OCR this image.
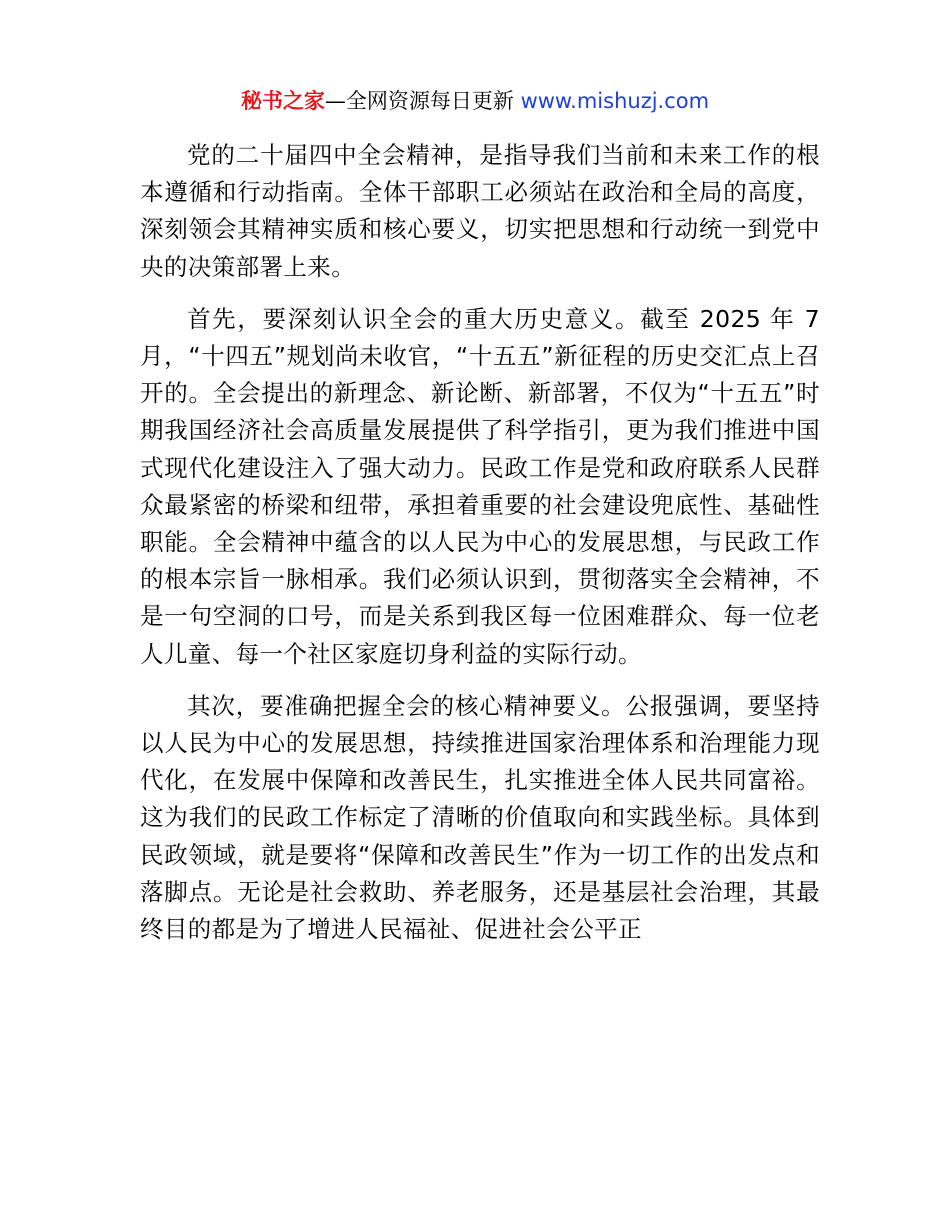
秘书之家—全网资源每日更新 www.mishuzj.com

党的二十届四中全会精神，是指导我们当前和未来工作的根本遵循和行动指南。全体干部职工必须站在政治和全局的高度，深刻领会其精神实质和核心要义，切实把思想和行动统一到党中央的决策部署上来。

首先，要深刻认识全会的重大历史意义。截至 2025 年 7 月，“十四五”规划尚未收官，“十五五”新征程的历史交汇点上召开的。全会提出的新理念、新论断、新部署，不仅为“十五五”时期我国经济社会高质量发展提供了科学指引，更为我们推进中国式现代化建设注入了强大动力。民政工作是党和政府联系人民群众最紧密的桥梁和纽带，承担着重要的社会建设兜底性、基础性职能。全会精神中蕴含的以人民为中心的发展思想，与民政工作的根本宗旨一脉相承。我们必须认识到，贯彻落实全会精神，不是一句空洞的口号，而是关系到我区每一位困难群众、每一位老人儿童、每一个社区家庭切身利益的实际行动。

其次，要准确把握全会的核心精神要义。公报强调，要坚持以人民为中心的发展思想，持续推进国家治理体系和治理能力现代化，在发展中保障和改善民生，扎实推进全体人民共同富裕。这为我们的民政工作标定了清晰的价值取向和实践坐标。具体到民政领域，就是要将“保障和改善民生”作为一切工作的出发点和落脚点。无论是社会救助、养老服务，还是基层社会治理，其最终目的都是为了增进人民福祉、促进社会公平正
